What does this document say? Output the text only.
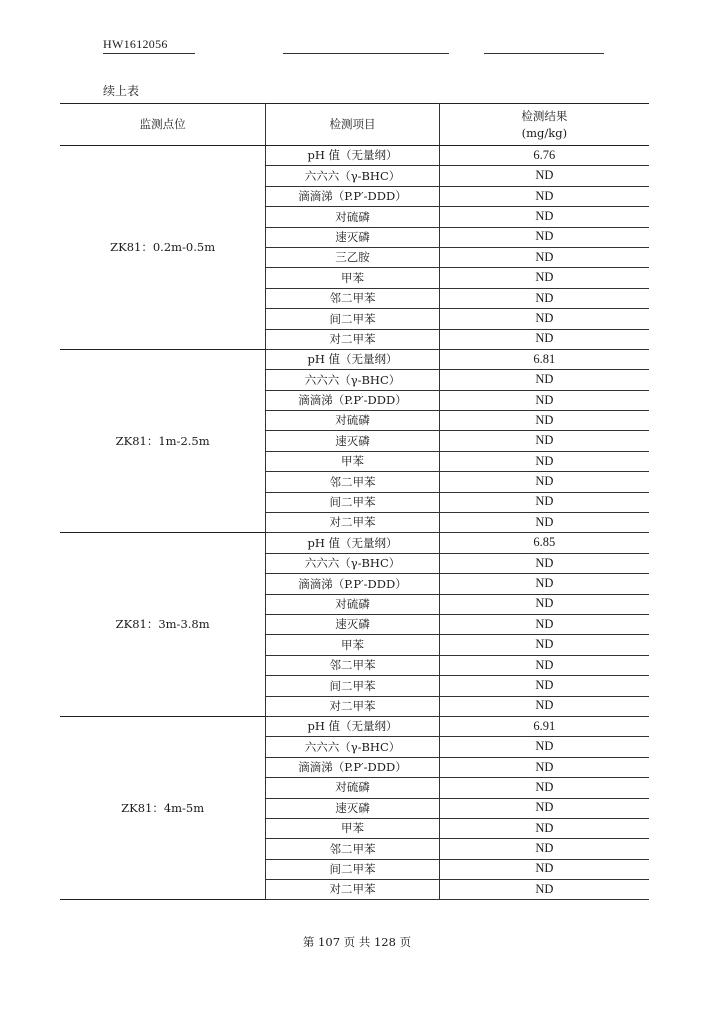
HW1612056
续上表
监测点位	检测项目	检测结果
(mg/kg)

ZK81：0.2m-0.5m	pH 值（无量纲）	6.76
	六六六（γ-BHC）	ND
	滴滴涕（P.P′-DDD）	ND
	对硫磷	ND
	速灭磷	ND
	三乙胺	ND
	甲苯	ND
	邻二甲苯	ND
	间二甲苯	ND
	对二甲苯	ND
ZK81：1m-2.5m	pH 值（无量纲）	6.81
	六六六（γ-BHC）	ND
	滴滴涕（P.P′-DDD）	ND
	对硫磷	ND
	速灭磷	ND
	甲苯	ND
	邻二甲苯	ND
	间二甲苯	ND
	对二甲苯	ND
ZK81：3m-3.8m	pH 值（无量纲）	6.85
	六六六（γ-BHC）	ND
	滴滴涕（P.P′-DDD）	ND
	对硫磷	ND
	速灭磷	ND
	甲苯	ND
	邻二甲苯	ND
	间二甲苯	ND
	对二甲苯	ND
ZK81：4m-5m	pH 值（无量纲）	6.91
	六六六（γ-BHC）	ND
	滴滴涕（P.P′-DDD）	ND
	对硫磷	ND
	速灭磷	ND
	甲苯	ND
	邻二甲苯	ND
	间二甲苯	ND
	对二甲苯	ND
第 107 页 共 128 页
